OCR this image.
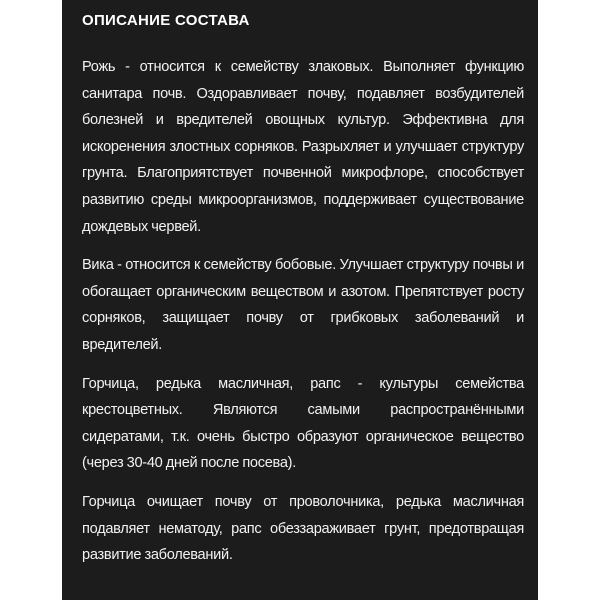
ОПИСАНИЕ СОСТАВА

Рожь - относится к семейству злаковых. Выполняет функцию санитара почв. Оздоравливает почву, подавляет возбудителей болезней и вредителей овощных культур. Эффективна для искоренения злостных сорняков. Разрыхляет и улучшает структуру грунта. Благоприятствует почвенной микрофлоре, способствует развитию среды микроорганизмов, поддерживает существование дождевых червей.

Вика - относится к семейству бобовые. Улучшает структуру почвы и обогащает органическим веществом и азотом. Препятствует росту сорняков, защищает почву от грибковых заболеваний и вредителей.

Горчица, редька масличная, рапс - культуры семейства крестоцветных. Являются самыми распространёнными сидератами, т.к. очень быстро образуют органическое вещество (через 30-40 дней после посева).

Горчица очищает почву от проволочника, редька масличная подавляет нематоду, рапс обеззараживает грунт, предотвращая развитие заболеваний.
